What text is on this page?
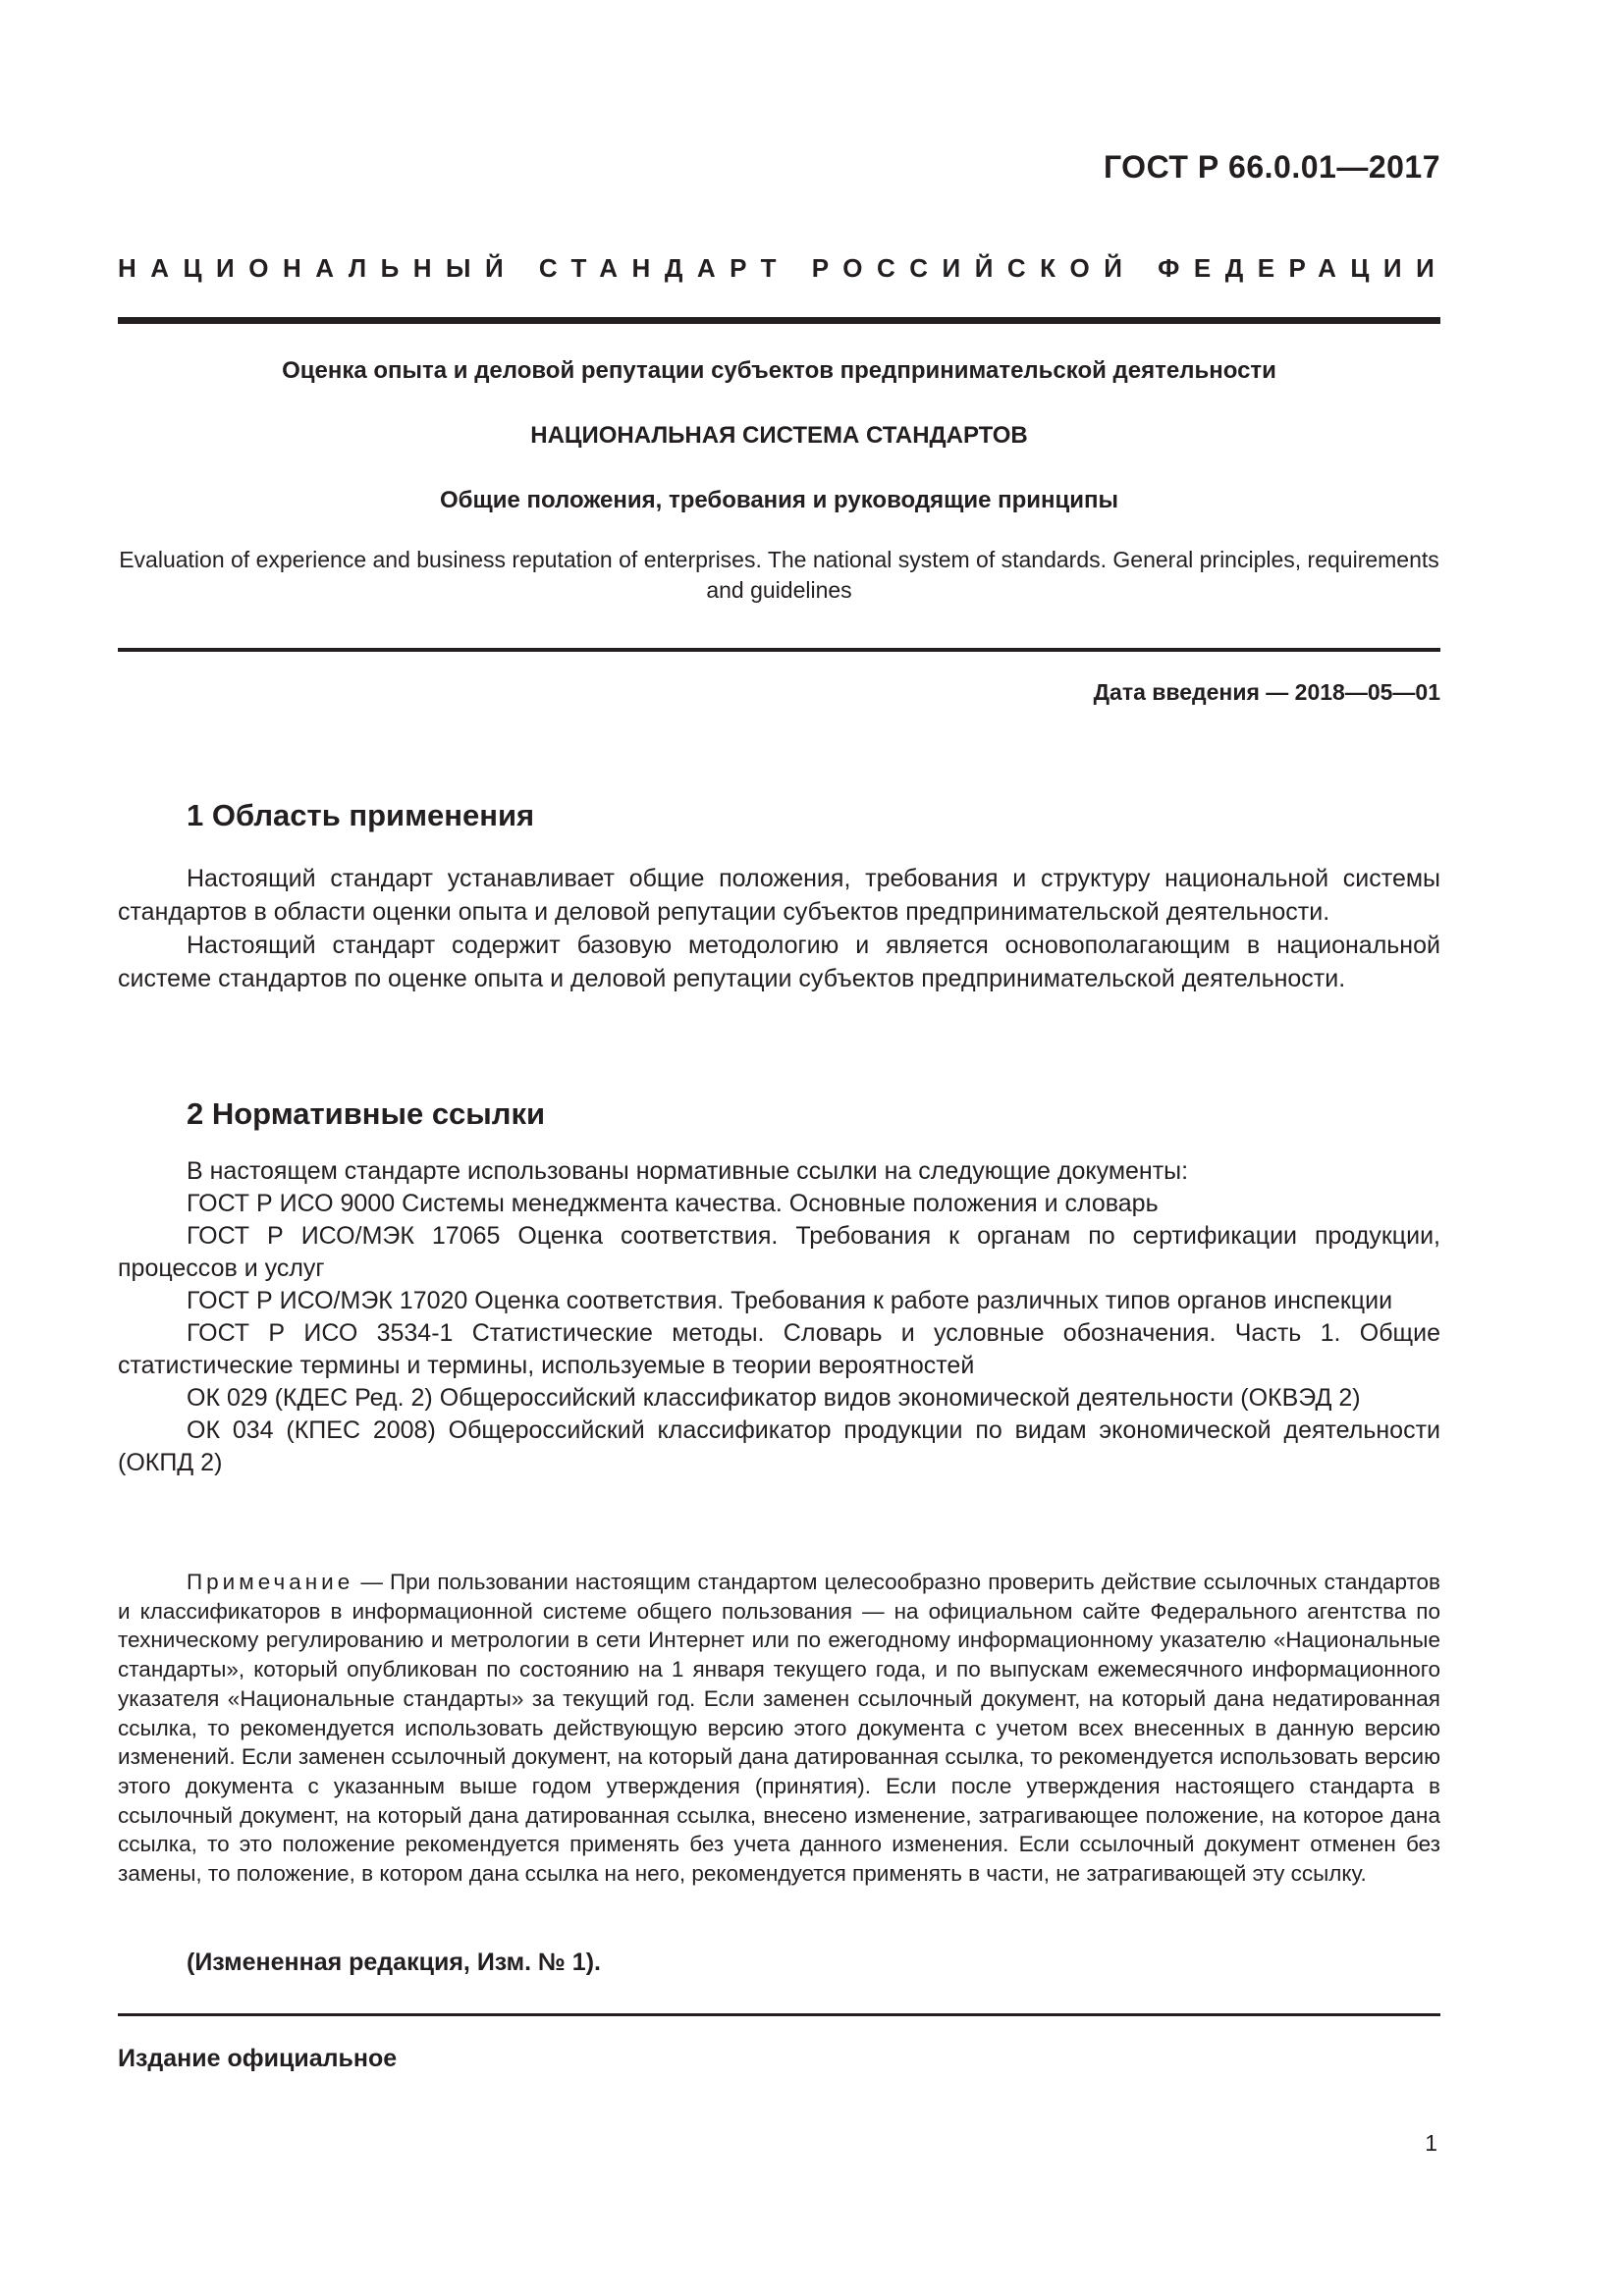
ГОСТ Р 66.0.01—2017
НАЦИОНАЛЬНЫЙ СТАНДАРТ РОССИЙСКОЙ ФЕДЕРАЦИИ
Оценка опыта и деловой репутации субъектов предпринимательской деятельности
НАЦИОНАЛЬНАЯ СИСТЕМА СТАНДАРТОВ
Общие положения, требования и руководящие принципы
Evaluation of experience and business reputation of enterprises. The national system of standards. General principles, requirements and guidelines
Дата введения — 2018—05—01
1 Область применения

Настоящий стандарт устанавливает общие положения, требования и структуру национальной системы стандартов в области оценки опыта и деловой репутации субъектов предпринимательской деятельности.

Настоящий стандарт содержит базовую методологию и является основополагающим в национальной системе стандартов по оценке опыта и деловой репутации субъектов предпринимательской деятельности.

2 Нормативные ссылки

В настоящем стандарте использованы нормативные ссылки на следующие документы:

ГОСТ Р ИСО 9000 Системы менеджмента качества. Основные положения и словарь

ГОСТ Р ИСО/МЭК 17065 Оценка соответствия. Требования к органам по сертификации продукции, процессов и услуг

ГОСТ Р ИСО/МЭК 17020 Оценка соответствия. Требования к работе различных типов органов инспекции

ГОСТ Р ИСО 3534-1 Статистические методы. Словарь и условные обозначения. Часть 1. Общие статистические термины и термины, используемые в теории вероятностей

ОК 029 (КДЕС Ред. 2) Общероссийский классификатор видов экономической деятельности (ОКВЭД 2)

ОК 034 (КПЕС 2008) Общероссийский классификатор продукции по видам экономической деятельности (ОКПД 2)

Примечание — При пользовании настоящим стандартом целесообразно проверить действие ссылочных стандартов и классификаторов в информационной системе общего пользования — на официальном сайте Федерального агентства по техническому регулированию и метрологии в сети Интернет или по ежегодному информационному указателю «Национальные стандарты», который опубликован по состоянию на 1 января текущего года, и по выпускам ежемесячного информационного указателя «Национальные стандарты» за текущий год. Если заменен ссылочный документ, на который дана недатированная ссылка, то рекомендуется использовать действующую версию этого документа с учетом всех внесенных в данную версию изменений. Если заменен ссылочный документ, на который дана датированная ссылка, то рекомендуется использовать версию этого документа с указанным выше годом утверждения (принятия). Если после утверждения настоящего стандарта в ссылочный документ, на который дана датированная ссылка, внесено изменение, затрагивающее положение, на которое дана ссылка, то это положение рекомендуется применять без учета данного изменения. Если ссылочный документ отменен без замены, то положение, в котором дана ссылка на него, рекомендуется применять в части, не затрагивающей эту ссылку.

(Измененная редакция, Изм. № 1).
Издание официальное
1
